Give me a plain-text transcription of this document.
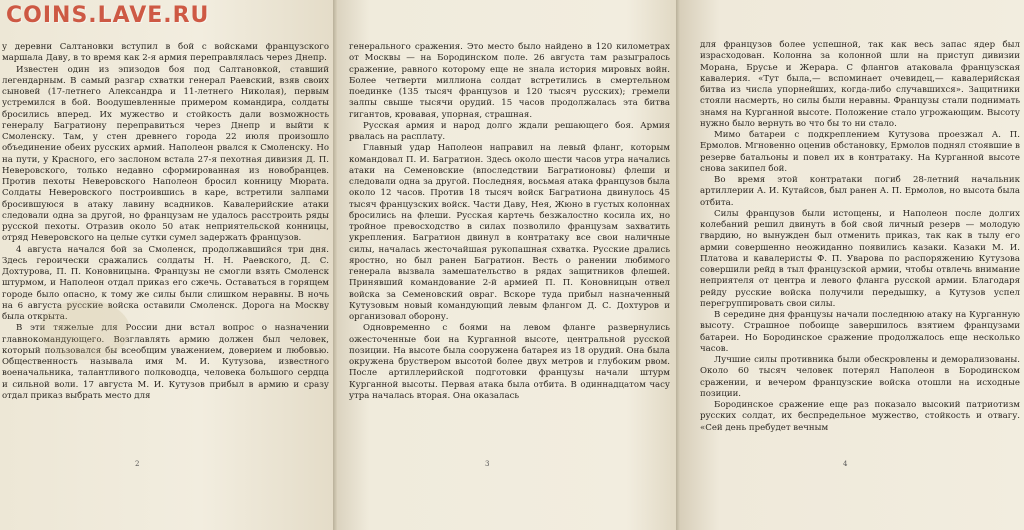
у деревни Салтановки вступил в бой с войсками французского маршала Даву, в то время как 2-я армия переправлялась через Днепр.

Известен один из эпизодов боя под Салтановкой, ставший легендарным. В самый разгар схватки генерал Раевский, взяв своих сыновей (17-летнего Александра и 11-летнего Николая), первым устремился в бой. Воодушевленные примером командира, солдаты бросились вперед. Их мужество и стойкость дали возможность генералу Багратиону переправиться через Днепр и выйти к Смоленску. Там, у стен древнего города 22 июля произошло объединение обеих русских армий. Наполеон рвался к Смоленску. Но на пути, у Красного, его заслоном встала 27-я пехотная дивизия Д. П. Неверовского, только недавно сформированная из новобранцев. Против пехоты Неверовского Наполеон бросил конницу Мюрата. Солдаты Неверовского построившись в каре, встретили залпами бросившуюся в атаку лавину всадников. Кавалерийские атаки следовали одна за другой, но французам не удалось расстроить ряды русской пехоты. Отразив около 50 атак неприятельской конницы, отряд Неверовского на целые сутки сумел задержать французов.

4 августа начался бой за Смоленск, продолжавшийся три дня. Здесь героически сражались солдаты Н. Н. Раевского, Д. С. Дохтурова, П. П. Коновницына. Французы не смогли взять Смоленск штурмом, и Наполеон отдал приказ его сжечь. Оставаться в горящем городе было опасно, к тому же силы были слишком неравны. В ночь на 6 августа русские войска оставили Смоленск. Дорога на Москву была открыта.

В эти тяжелые для России дни встал вопрос о назначении главнокомандующего. Возглавлять армию должен был человек, который пользовался бы всеобщим уважением, доверием и любовью. Общественность называла имя М. И. Кутузова, известного военачальника, талантливого полководца, человека большого сердца и сильной воли. 17 августа М. И. Кутузов прибыл в армию и сразу отдал приказ выбрать место для

2

генерального сражения. Это место было найдено в 120 километрах от Москвы — на Бородинском поле. 26 августа там разыгралось сражение, равного которому еще не знала история мировых войн. Более четверти миллиона солдат встретились в смертельном поединке (135 тысяч французов и 120 тысяч русских); гремели залпы свыше тысячи орудий. 15 часов продолжалась эта битва гигантов, кровавая, упорная, страшная.

Русская армия и народ долго ждали решающего боя. Армия рвалась на расплату.

Главный удар Наполеон направил на левый фланг, которым командовал П. И. Багратион. Здесь около шести часов утра начались атаки на Семеновские (впоследствии Багратионовы) флеши и следовали одна за другой. Последняя, восьмая атака французов была около 12 часов. Против 18 тысяч войск Багратиона двинулось 45 тысяч французских войск. Части Даву, Нея, Жюно в густых колоннах бросились на флеши. Русская картечь безжалостно косила их, но тройное превосходство в силах позволило французам захватить укрепления. Багратион двинул в контратаку все свои наличные силы, началась жесточайшая рукопашная схватка. Русские дрались яростно, но был ранен Багратион. Весть о ранении любимого генерала вызвала замешательство в рядах защитников флешей. Принявший командование 2-й армией П. П. Коновницын отвел войска за Семеновский овраг. Вскоре туда прибыл назначенный Кутузовым новый командующий левым флангом Д. С. Дохтуров и организовал оборону.

Одновременно с боями на левом фланге развернулись ожесточенные бои на Курганной высоте, центральной русской позиции. На высоте была сооружена батарея из 18 орудий. Она была окружена бруствером высотой более двух метров и глубоким рвом. После артиллерийской подготовки французы начали штурм Курганной высоты. Первая атака была отбита. В одиннадцатом часу утра началась вторая. Она оказалась

3

для французов более успешной, так как весь запас ядер был израсходован. Колонна за колонной шли на приступ дивизии Морана, Брусье и Жерара. С флангов атаковала французская кавалерия. «Тут была,— вспоминает очевидец,— кавалерийская битва из числа упорнейших, когда-либо случавшихся». Защитники стояли насмерть, но силы были неравны. Французы стали поднимать знамя на Курганной высоте. Положение стало угрожающим. Высоту нужно было вернуть во что бы то ни стало.

Мимо батареи с подкреплением Кутузова проезжал А. П. Ермолов. Мгновенно оценив обстановку, Ермолов поднял стоявшие в резерве батальоны и повел их в контратаку. На Курганной высоте снова закипел бой.

Во время этой контратаки погиб 28-летний начальник артиллерии А. И. Кутайсов, был ранен А. П. Ермолов, но высота была отбита.

Силы французов были истощены, и Наполеон после долгих колебаний решил двинуть в бой свой личный резерв — молодую гвардию, но вынужден был отменить приказ, так как в тылу его армии совершенно неожиданно появились казаки. Казаки М. И. Платова и кавалеристы Ф. П. Уварова по распоряжению Кутузова совершили рейд в тыл французской армии, чтобы отвлечь внимание неприятеля от центра и левого фланга русской армии. Благодаря рейду русские войска получили передышку, а Кутузов успел перегруппировать свои силы.

В середине дня французы начали последнюю атаку на Курганную высоту. Страшное побоище завершилось взятием французами батареи. Но Бородинское сражение продолжалось еще несколько часов.

Лучшие силы противника были обескровлены и деморализованы. Около 60 тысяч человек потерял Наполеон в Бородинском сражении, и вечером французские войска отошли на исходные позиции.

Бородинское сражение еще раз показало высокий патриотизм русских солдат, их беспредельное мужество, стойкость и отвагу. «Сей день пребудет вечным

4
COINS.LAVE.RU
